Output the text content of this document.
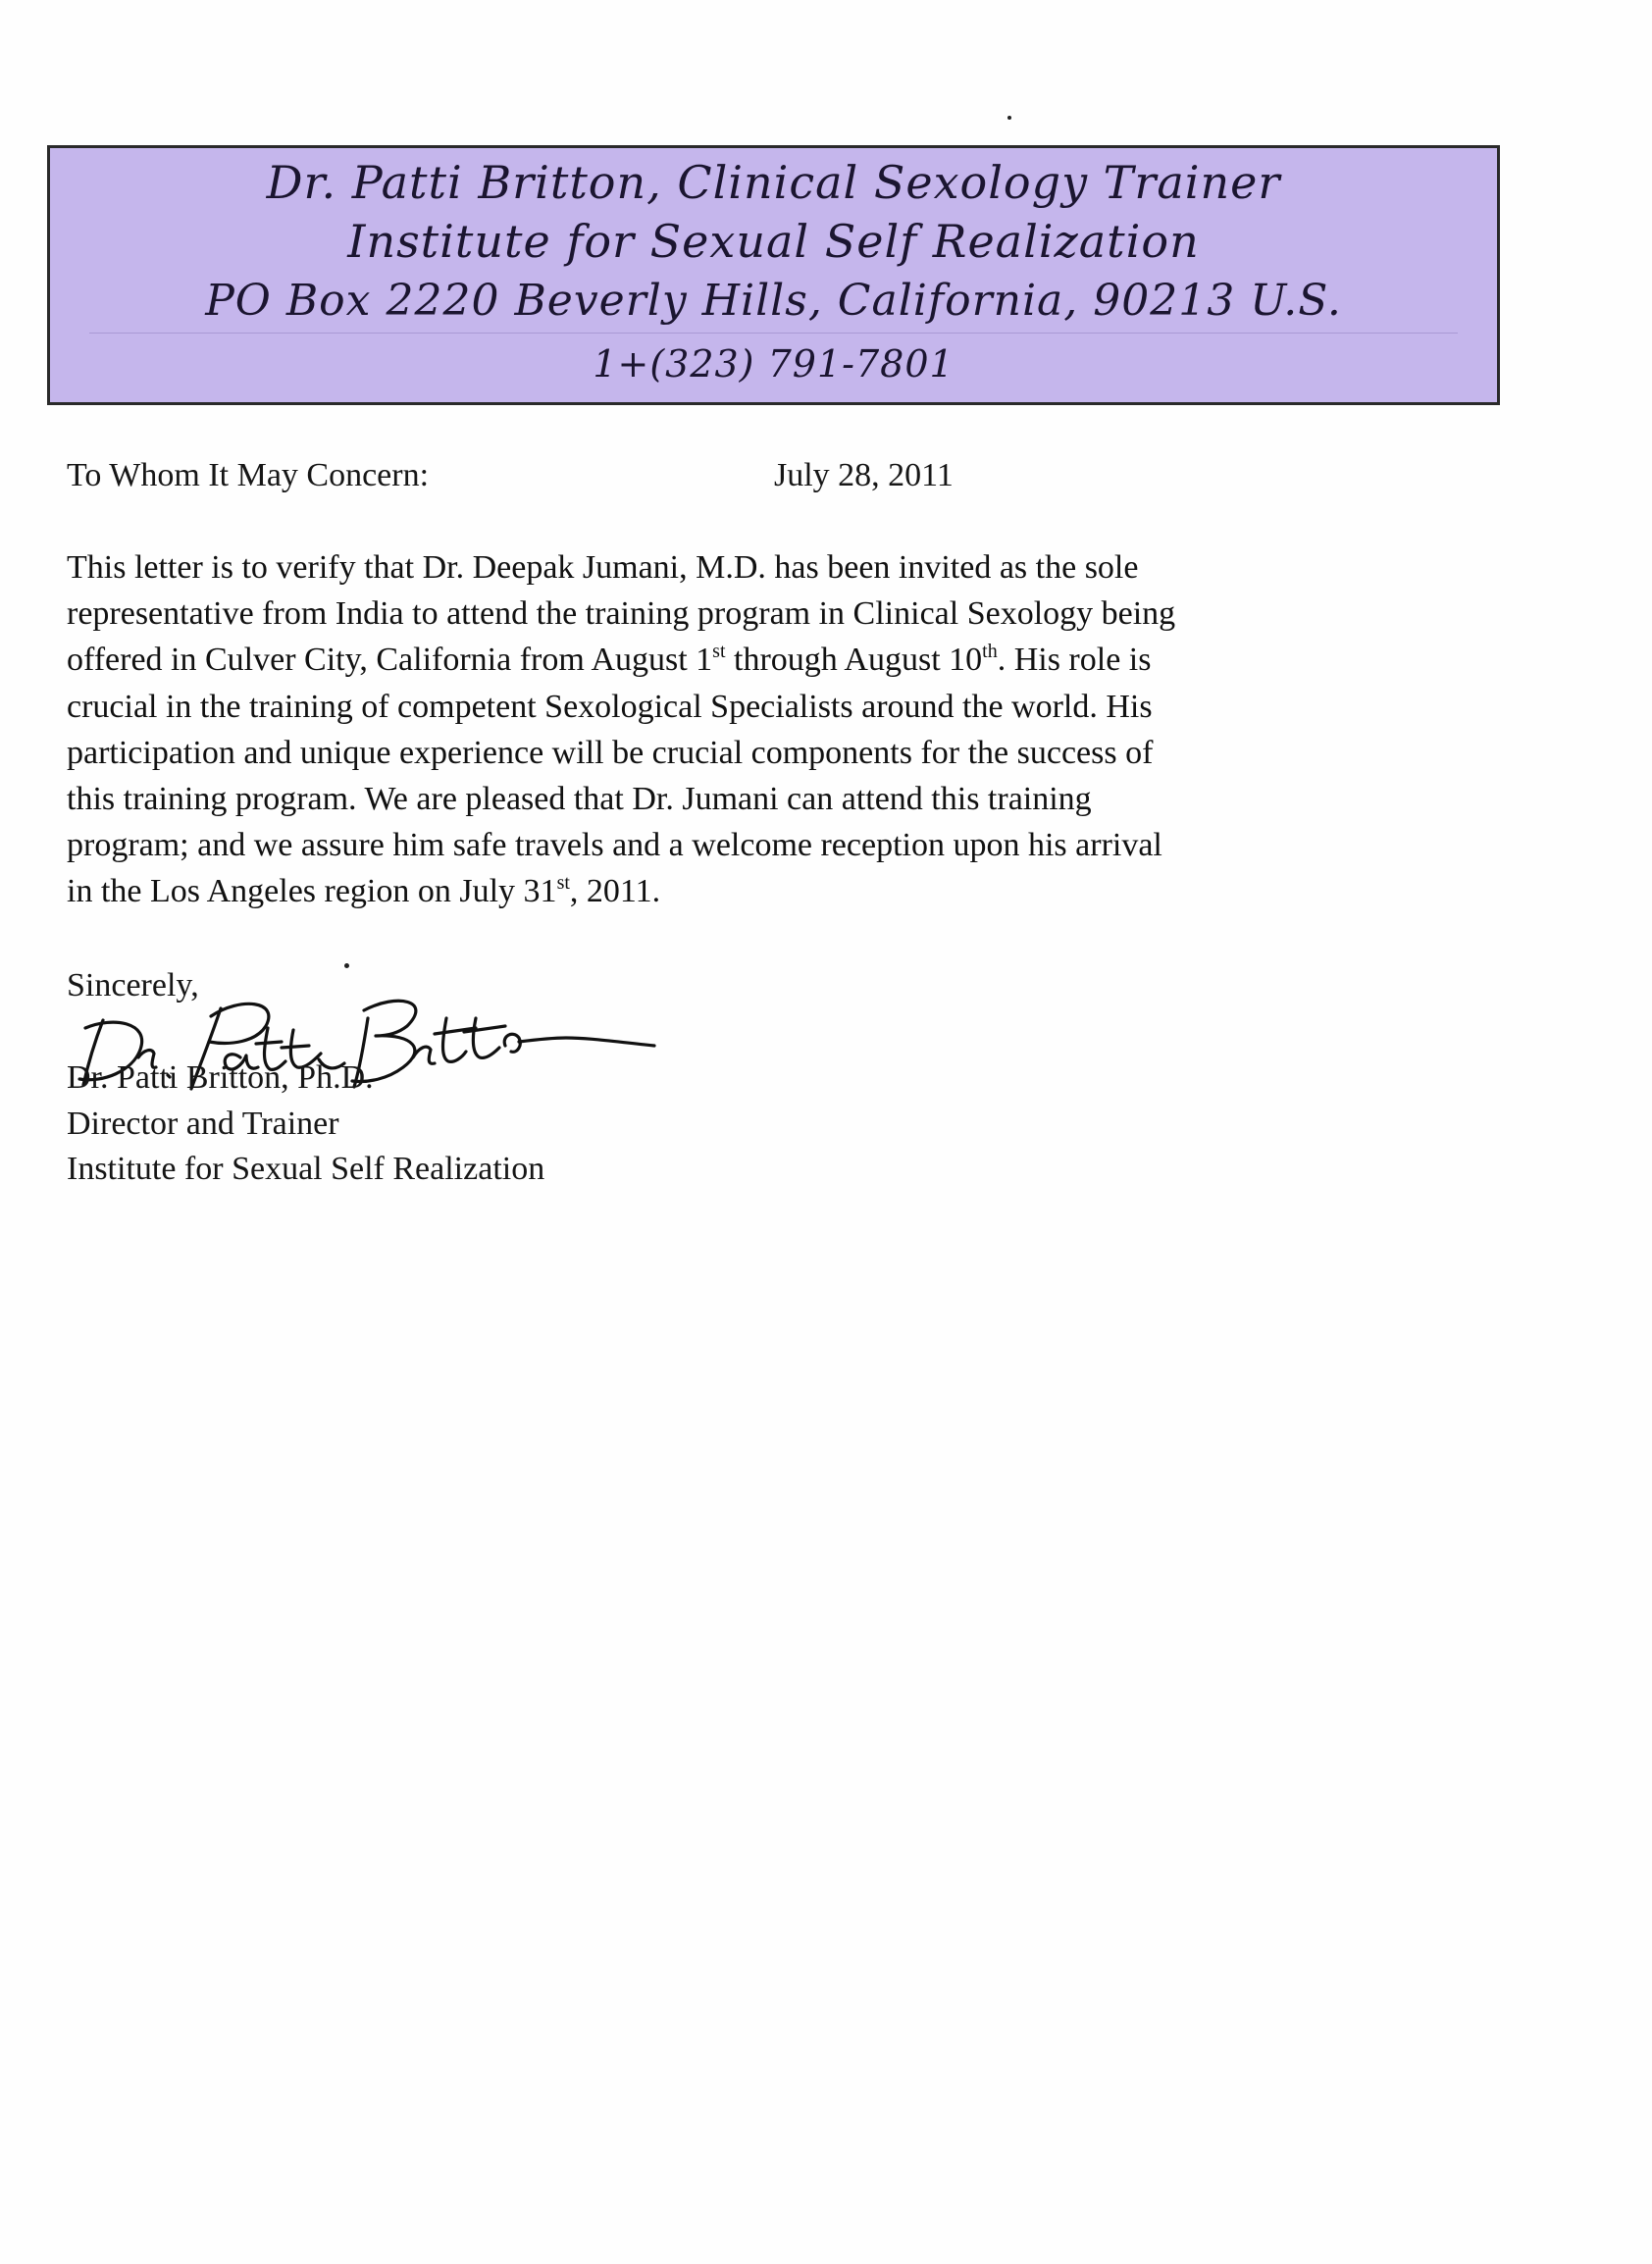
Dr. Patti Britton, Clinical Sexology Trainer
Institute for Sexual Self Realization
PO Box 2220 Beverly Hills, California, 90213 U.S.
1+(323) 791-7801
To Whom It May Concern:	July 28, 2011
This letter is to verify that Dr. Deepak Jumani, M.D. has been invited as the sole
representative from India to attend the training program in Clinical Sexology being
offered in Culver City, California from August 1st through August 10th. His role is
crucial in the training of competent Sexological Specialists around the world. His
participation and unique experience will be crucial components for the success of
this training program. We are pleased that Dr. Jumani can attend this training
program; and we assure him safe travels and a welcome reception upon his arrival
in the Los Angeles region on July 31st, 2011.
Sincerely,
Dr. Patti Britton, Ph.D.
Director and Trainer
Institute for Sexual Self Realization
